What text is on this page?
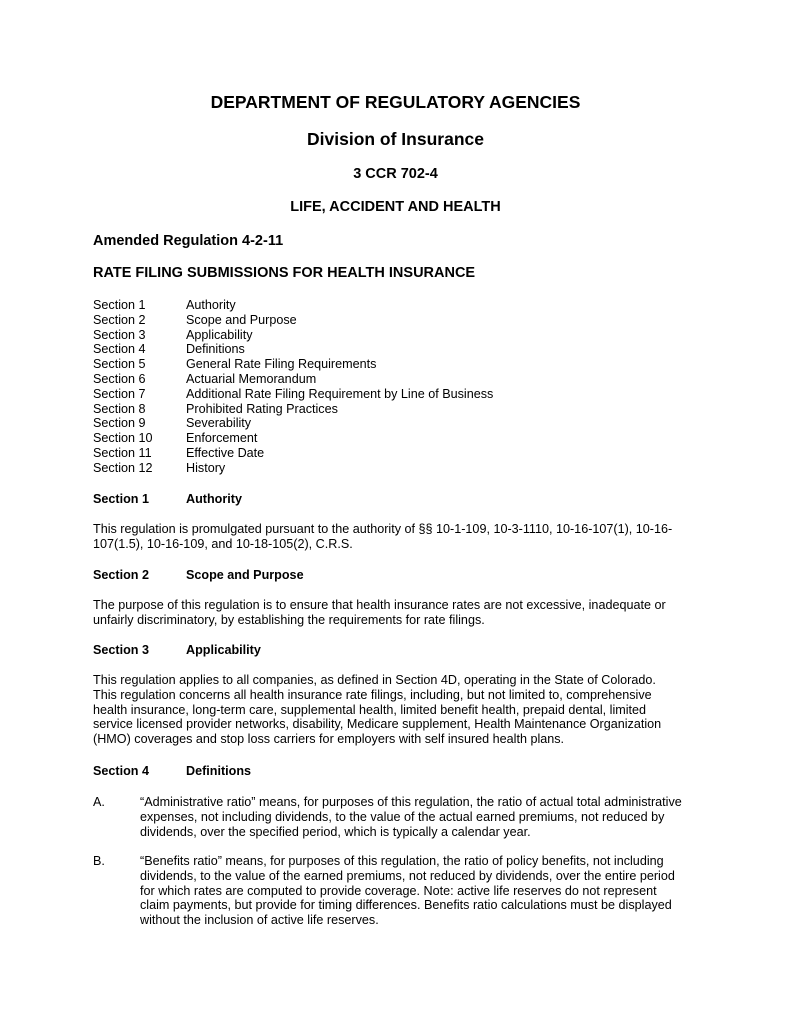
DEPARTMENT OF REGULATORY AGENCIES
Division of Insurance
3 CCR 702-4
LIFE, ACCIDENT AND HEALTH
Amended Regulation 4-2-11
RATE FILING SUBMISSIONS FOR HEALTH INSURANCE
Section 1	Authority
Section 2	Scope and Purpose
Section 3	Applicability
Section 4	Definitions
Section 5	General Rate Filing Requirements
Section 6	Actuarial Memorandum
Section 7	Additional Rate Filing Requirement by Line of Business
Section 8	Prohibited Rating Practices
Section 9	Severability
Section 10	Enforcement
Section 11	Effective Date
Section 12	History
Section 1	Authority
This regulation is promulgated pursuant to the authority of §§ 10-1-109, 10-3-1110, 10-16-107(1), 10-16-
107(1.5), 10-16-109, and 10-18-105(2), C.R.S.
Section 2	Scope and Purpose
The purpose of this regulation is to ensure that health insurance rates are not excessive, inadequate or
unfairly discriminatory, by establishing the requirements for rate filings.
Section 3	Applicability
This regulation applies to all companies, as defined in Section 4D, operating in the State of Colorado.
This regulation concerns all health insurance rate filings, including, but not limited to, comprehensive
health insurance, long-term care, supplemental health, limited benefit health, prepaid dental, limited
service licensed provider networks, disability, Medicare supplement, Health Maintenance Organization
(HMO) coverages and stop loss carriers for employers with self insured health plans.
Section 4	Definitions
A.	“Administrative ratio” means, for purposes of this regulation, the ratio of actual total administrative
expenses, not including dividends, to the value of the actual earned premiums, not reduced by
dividends, over the specified period, which is typically a calendar year.
B.	“Benefits ratio” means, for purposes of this regulation, the ratio of policy benefits, not including
dividends, to the value of the earned premiums, not reduced by dividends, over the entire period
for which rates are computed to provide coverage. Note: active life reserves do not represent
claim payments, but provide for timing differences. Benefits ratio calculations must be displayed
without the inclusion of active life reserves.
